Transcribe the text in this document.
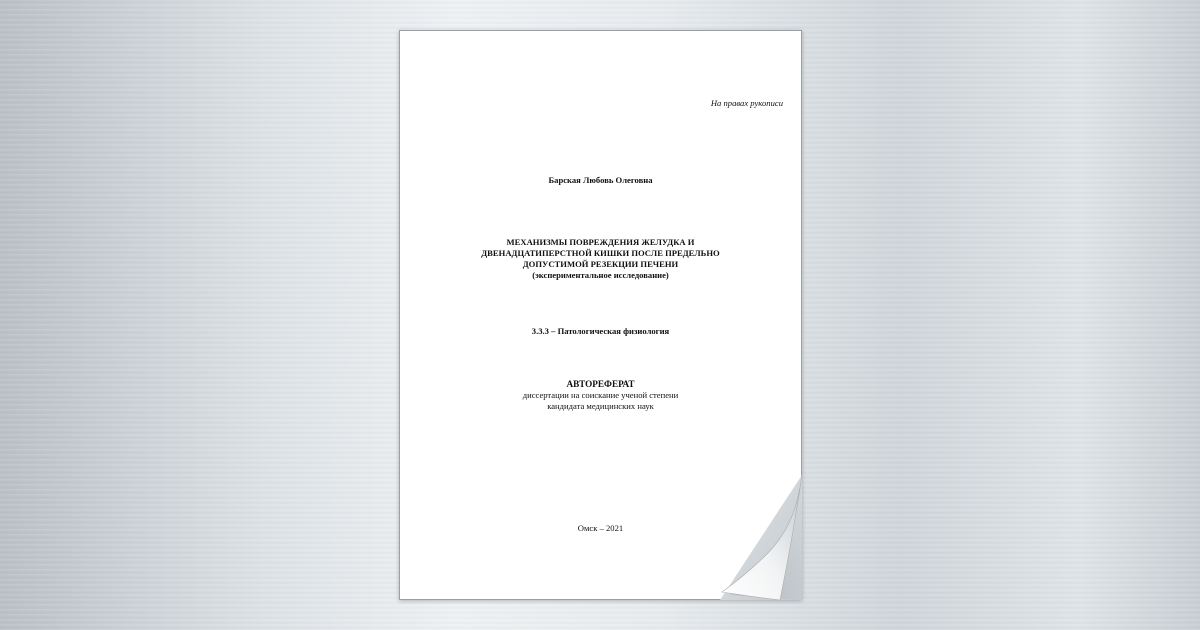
На правах рукописи
Барская Любовь Олеговна
МЕХАНИЗМЫ ПОВРЕЖДЕНИЯ ЖЕЛУДКА И
ДВЕНАДЦАТИПЕРСТНОЙ КИШКИ ПОСЛЕ ПРЕДЕЛЬНО
ДОПУСТИМОЙ РЕЗЕКЦИИ ПЕЧЕНИ
(экспериментальное исследование)
3.3.3 – Патологическая физиология
АВТОРЕФЕРАТ
диссертации на соискание ученой степени
кандидата медицинских наук
Омск – 2021
